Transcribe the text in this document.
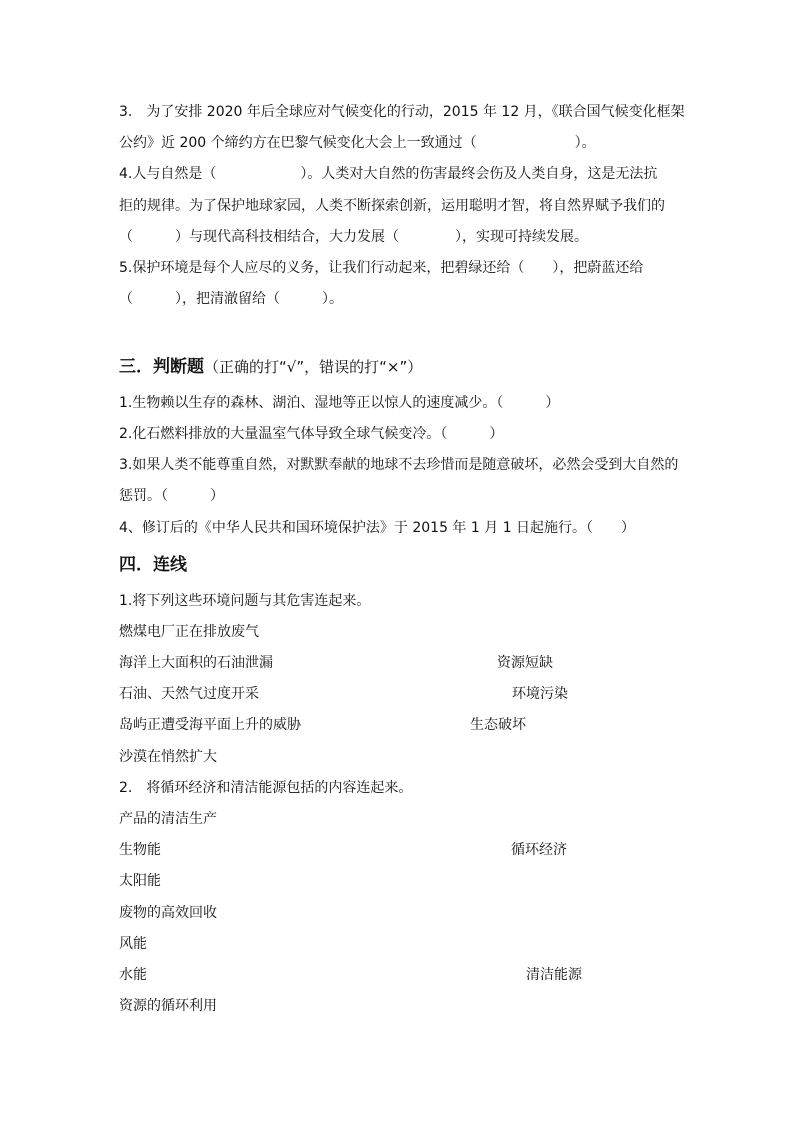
3.　为了安排 2020 年后全球应对气候变化的行动，2015 年 12 月，《联合国气候变化框架
公约》近 200 个缔约方在巴黎气候变化大会上一致通过（　　　　　　　）。
4.人与自然是（　　　　　　）。人类对大自然的伤害最终会伤及人类自身，这是无法抗
拒的规律。为了保护地球家园，人类不断探索创新，运用聪明才智，将自然界赋予我们的
（　　　）与现代高科技相结合，大力发展（　　　　），实现可持续发展。
5.保护环境是每个人应尽的义务，让我们行动起来，把碧绿还给（　　），把蔚蓝还给
（　　　），把清澈留给（　　　）。
三．判断题（正确的打“√”，错误的打“×”）
1.生物赖以生存的森林、湖泊、湿地等正以惊人的速度减少。（　　　）
2.化石燃料排放的大量温室气体导致全球气候变冷。（　　　）
3.如果人类不能尊重自然，对默默奉献的地球不去珍惜而是随意破坏，必然会受到大自然的
惩罚。（　　　）
4、修订后的《中华人民共和国环境保护法》于 2015 年 1 月 1 日起施行。（　　）
四．连线
1.将下列这些环境问题与其危害连起来。
燃煤电厂正在排放废气
海洋上大面积的石油泄漏
石油、天然气过度开采
岛屿正遭受海平面上升的威胁
沙漠在悄然扩大
资源短缺
环境污染
生态破坏
2.　将循环经济和清洁能源包括的内容连起来。
产品的清洁生产
生物能
太阳能
废物的高效回收
风能
水能
资源的循环利用
循环经济
清洁能源
